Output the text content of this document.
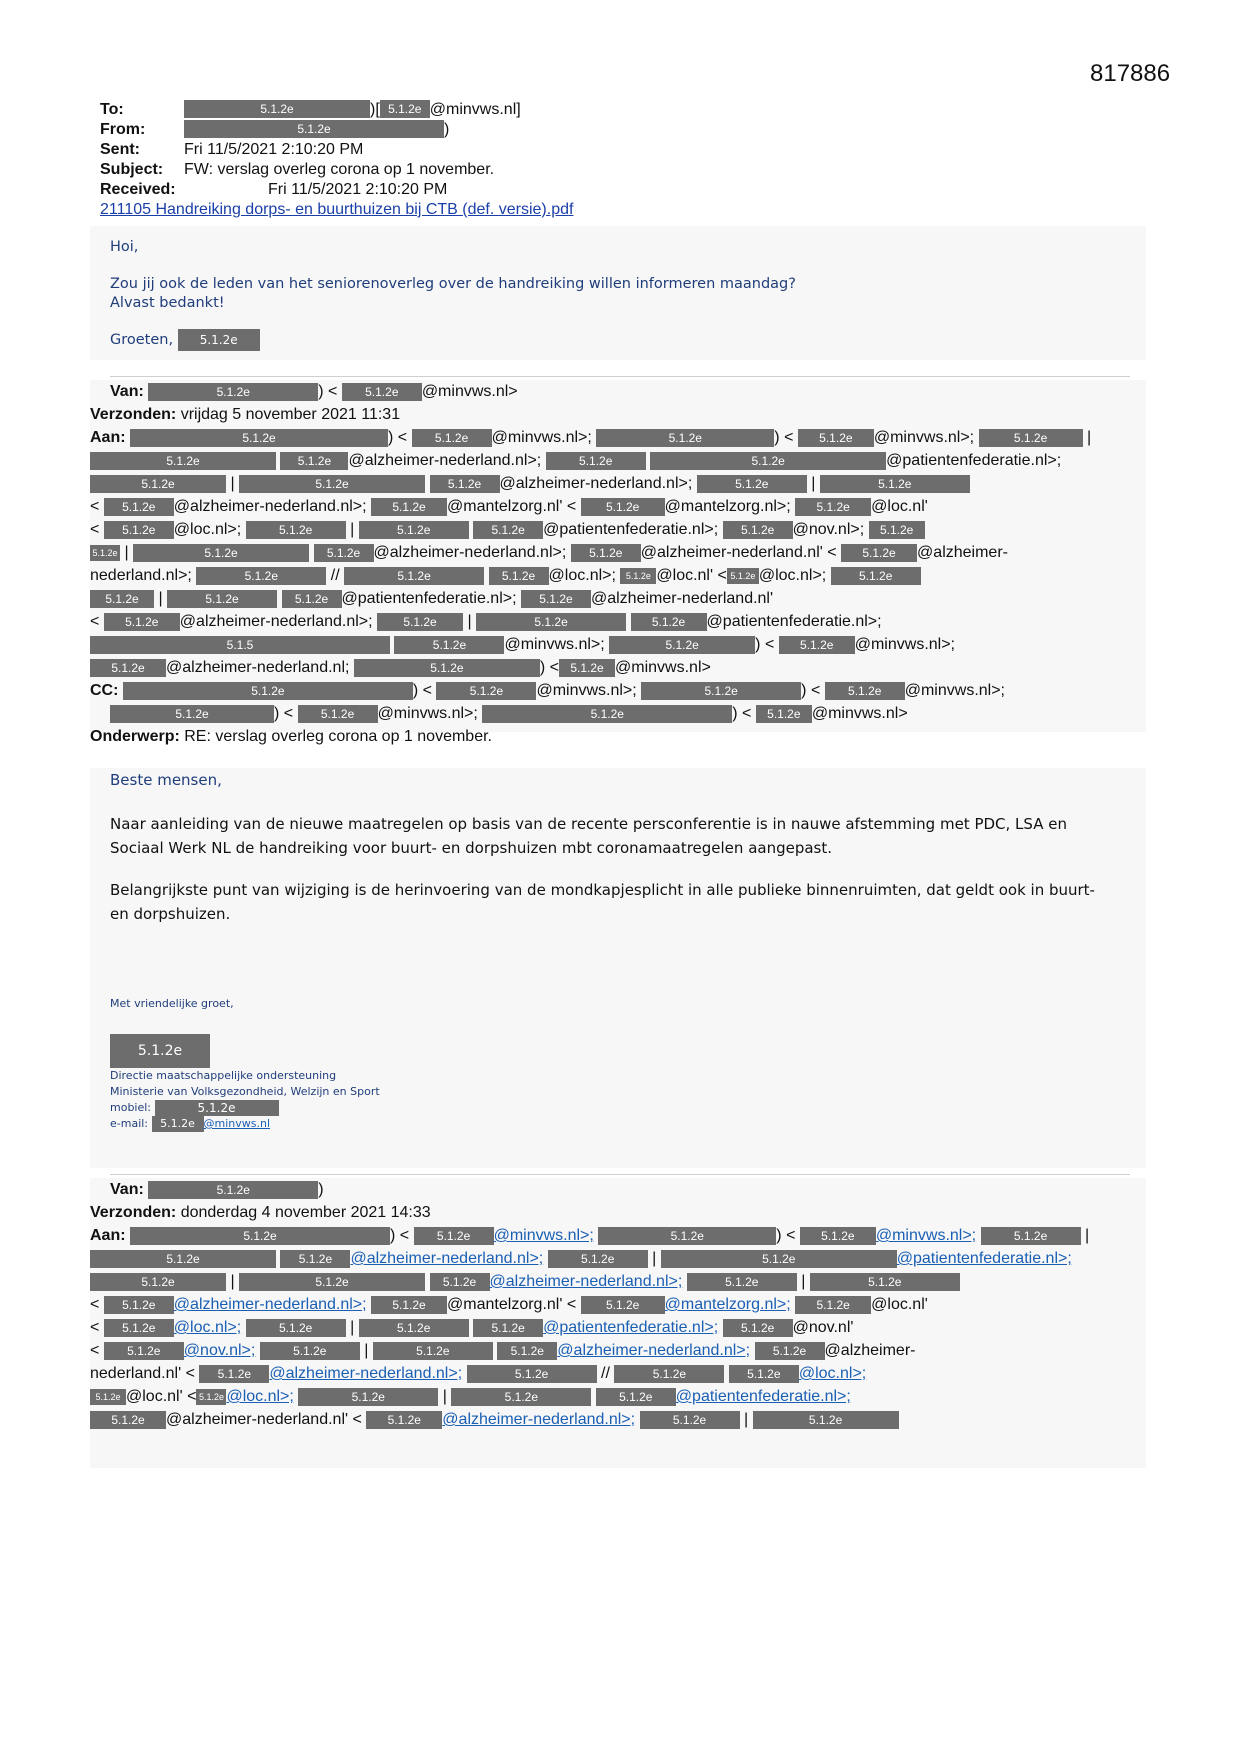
817886
To:	5.1.2e	)[ 5.1.2e @minvws.nl]
From:	5.1.2e	)
Sent:	Fri 11/5/2021 2:10:20 PM
Subject:	FW: verslag overleg corona op 1 november.
Received:	Fri 11/5/2021 2:10:20 PM
211105 Handreiking dorps- en buurthuizen bij CTB (def. versie).pdf
Hoi,
Zou jij ook de leden van het seniorenoverleg over de handreiking willen informeren maandag?
Alvast bedankt!
Groeten, 5.1.2e
Van:	5.1.2e	) < 5.1.2e @minvws.nl>
Verzonden: vrijdag 5 november 2021 11:31
Aan:	5.1.2e	) < 5.1.2e @minvws.nl>;	5.1.2e	) < 5.1.2e @minvws.nl>;	5.1.2e |
5.1.2e	5.1.2e @alzheimer-nederland.nl>;	5.1.2e	5.1.2e	@patientenfederatie.nl>;
5.1.2e	|	5.1.2e	5.1.2e @alzheimer-nederland.nl>;	5.1.2e |	5.1.2e
< 5.1.2e @alzheimer-nederland.nl>; 5.1.2e @mantelzorg.nl' < 5.1.2e @mantelzorg.nl>; 5.1.2e @loc.nl'
< 5.1.2e @loc.nl>;	5.1.2e |	5.1.2e	5.1.2e @patientenfederatie.nl>; 5.1.2e @nov.nl>; 5.1.2e
5.1.2e |	5.1.2e	5.1.2e @alzheimer-nederland.nl>; 5.1.2e @alzheimer-nederland.nl' < 5.1.2e @alzheimer-
nederland.nl>;	5.1.2e	//	5.1.2e	5.1.2e @loc.nl>; 5.1.2e @loc.nl' < 5.1.2e @loc.nl>;	5.1.2e
5.1.2e |	5.1.2e	5.1.2e @patientenfederatie.nl>; 5.1.2e @alzheimer-nederland.nl'
< 5.1.2e @alzheimer-nederland.nl>;	5.1.2e |	5.1.2e	5.1.2e @patientenfederatie.nl>;
5.1.5	5.1.2e @minvws.nl>;	5.1.2e	) < 5.1.2e @minvws.nl>;
5.1.2e @alzheimer-nederland.nl;	5.1.2e	) < 5.1.2e @minvws.nl>
CC:	5.1.2e	) <	5.1.2e @minvws.nl>;	5.1.2e	) < 5.1.2e @minvws.nl>;
5.1.2e	) < 5.1.2e @minvws.nl>;	5.1.2e	) < 5.1.2e @minvws.nl>
Onderwerp: RE: verslag overleg corona op 1 november.
Beste mensen,
Naar aanleiding van de nieuwe maatregelen op basis van de recente persconferentie is in nauwe afstemming met PDC, LSA en
Sociaal Werk NL de handreiking voor buurt- en dorpshuizen mbt coronamaatregelen aangepast.
Belangrijkste punt van wijziging is de herinvoering van de mondkapjesplicht in alle publieke binnenruimten, dat geldt ook in buurt-
en dorpshuizen.
Met vriendelijke groet,
5.1.2e
Directie maatschappelijke ondersteuning
Ministerie van Volksgezondheid, Welzijn en Sport
mobiel:	5.1.2e
e-mail: 5.1.2e @minvws.nl
Van:	5.1.2e	)
Verzonden: donderdag 4 november 2021 14:33
Aan:	5.1.2e	) < 5.1.2e @minvws.nl>;	5.1.2e	) < 5.1.2e @minvws.nl>;	5.1.2e |
5.1.2e	5.1.2e @alzheimer-nederland.nl>;	5.1.2e |	5.1.2e	@patientenfederatie.nl>;
5.1.2e	|	5.1.2e	5.1.2e @alzheimer-nederland.nl>;	5.1.2e |	5.1.2e
< 5.1.2e @alzheimer-nederland.nl>; 5.1.2e @mantelzorg.nl' < 5.1.2e @mantelzorg.nl>; 5.1.2e @loc.nl'
< 5.1.2e @loc.nl>;	5.1.2e |	5.1.2e	5.1.2e @patientenfederatie.nl>; 5.1.2e @nov.nl'
< 5.1.2e @nov.nl>;	5.1.2e |	5.1.2e	5.1.2e @alzheimer-nederland.nl>; 5.1.2e @alzheimer-
nederland.nl' < 5.1.2e @alzheimer-nederland.nl>;	5.1.2e	//	5.1.2e	5.1.2e @loc.nl>;
5.1.2e @loc.nl' < 5.1.2e @loc.nl>;	5.1.2e	|	5.1.2e	5.1.2e @patientenfederatie.nl>;
5.1.2e @alzheimer-nederland.nl' < 5.1.2e @alzheimer-nederland.nl>;	5.1.2e |	5.1.2e
